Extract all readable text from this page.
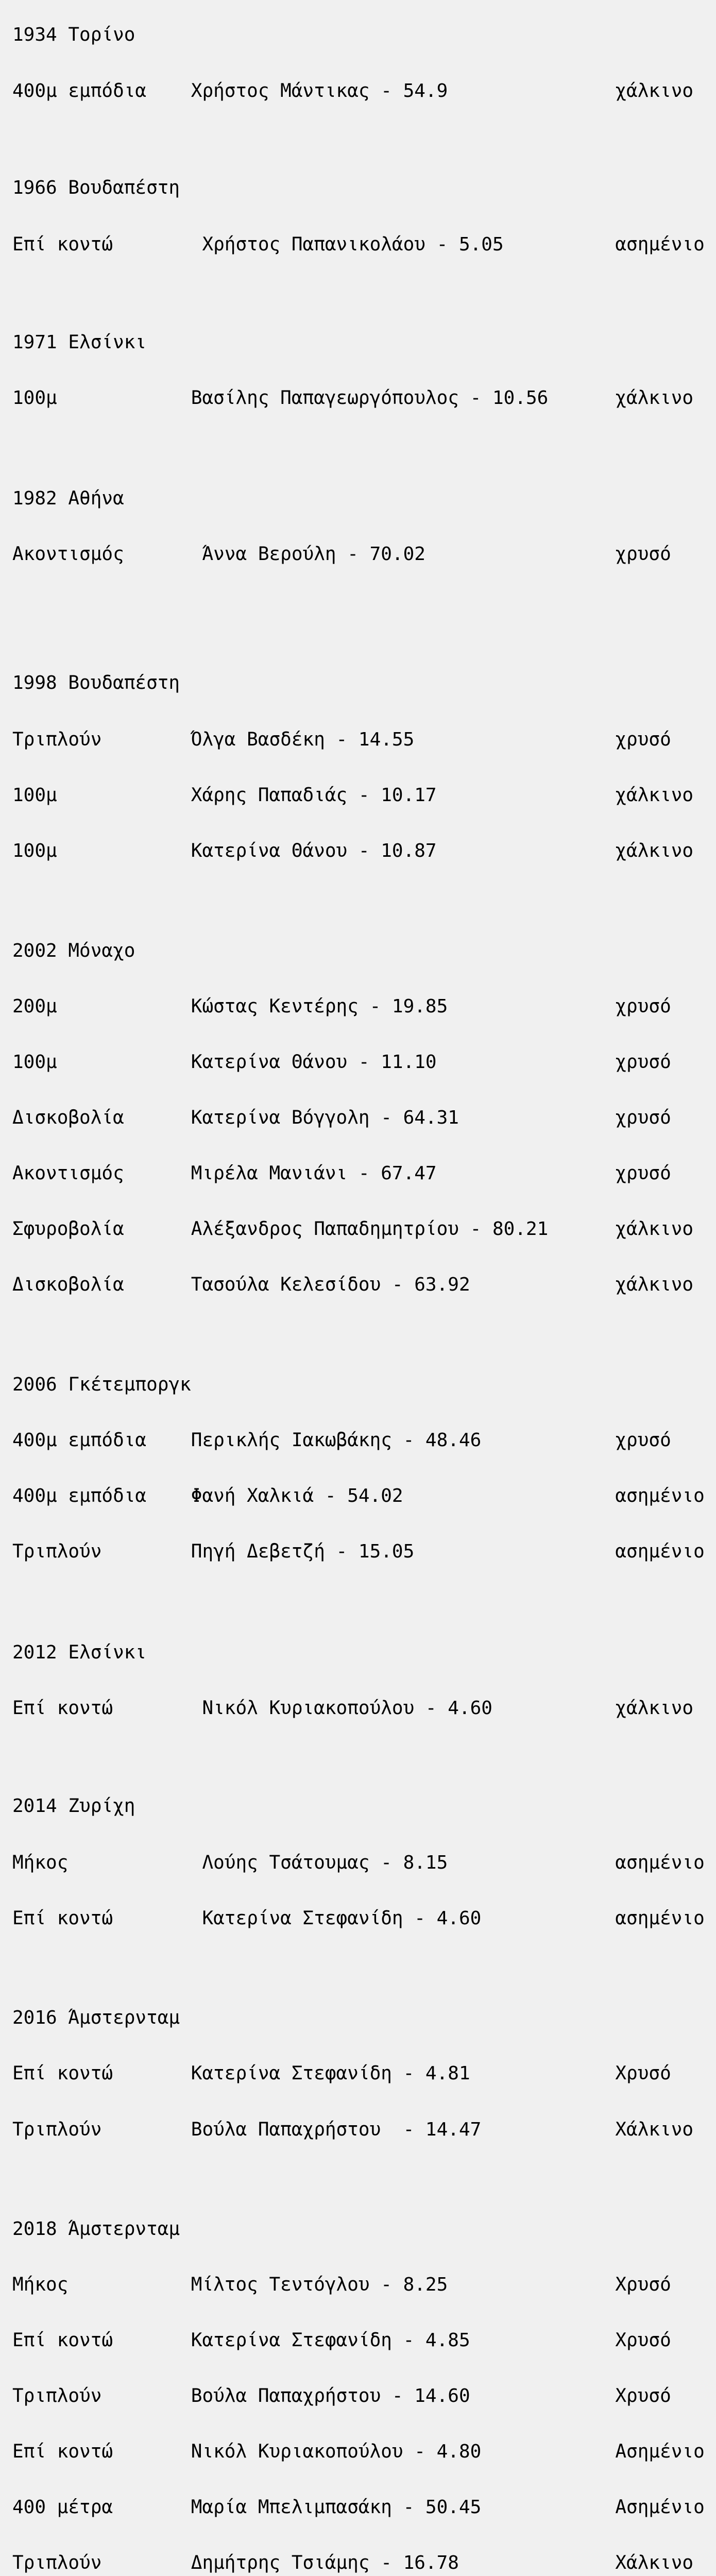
1934 Τορίνο
400μ εμπόδια    Χρήστος Μάντικας - 54.9               χάλκινο
1966 Βουδαπέστη
Επί κοντώ        Χρήστος Παπανικολάου - 5.05          ασημένιο
1971 Ελσίνκι
100μ            Βασίλης Παπαγεωργόπουλος - 10.56      χάλκινο
1982 Αθήνα
Ακοντισμός       Άννα Βερούλη - 70.02                 χρυσό
1998 Βουδαπέστη
Τριπλούν        Όλγα Βασδέκη - 14.55                  χρυσό
100μ            Χάρης Παπαδιάς - 10.17                χάλκινο
100μ            Κατερίνα Θάνου - 10.87                χάλκινο
2002 Μόναχο
200μ            Κώστας Κεντέρης - 19.85               χρυσό
100μ            Κατερίνα Θάνου - 11.10                χρυσό
Δισκοβολία      Κατερίνα Βόγγολη - 64.31              χρυσό
Ακοντισμός      Μιρέλα Μανιάνι - 67.47                χρυσό
Σφυροβολία      Αλέξανδρος Παπαδημητρίου - 80.21      χάλκινο
Δισκοβολία      Τασούλα Κελεσίδου - 63.92             χάλκινο
2006 Γκέτεμποργκ
400μ εμπόδια    Περικλής Ιακωβάκης - 48.46            χρυσό
400μ εμπόδια    Φανή Χαλκιά - 54.02                   ασημένιο
Τριπλούν        Πηγή Δεβετζή - 15.05                  ασημένιο
2012 Ελσίνκι
Επί κοντώ        Νικόλ Κυριακοπούλου - 4.60           χάλκινο
2014 Ζυρίχη
Μήκος            Λούης Τσάτουμας - 8.15               ασημένιο
Επί κοντώ        Κατερίνα Στεφανίδη - 4.60            ασημένιο
2016 Άμστερνταμ
Επί κοντώ       Κατερίνα Στεφανίδη - 4.81             Χρυσό
Τριπλούν        Βούλα Παπαχρήστου  - 14.47            Χάλκινο
2018 Άμστερνταμ
Μήκος           Μίλτος Τεντόγλου - 8.25               Χρυσό
Επί κοντώ       Κατερίνα Στεφανίδη - 4.85             Χρυσό
Τριπλούν        Βούλα Παπαχρήστου - 14.60             Χρυσό
Επί κοντώ       Νικόλ Κυριακοπούλου - 4.80            Ασημένιο
400 μέτρα       Μαρία Μπελιμπασάκη - 50.45            Ασημένιο
Τριπλούν        Δημήτρης Τσιάμης - 16.78              Χάλκινο
